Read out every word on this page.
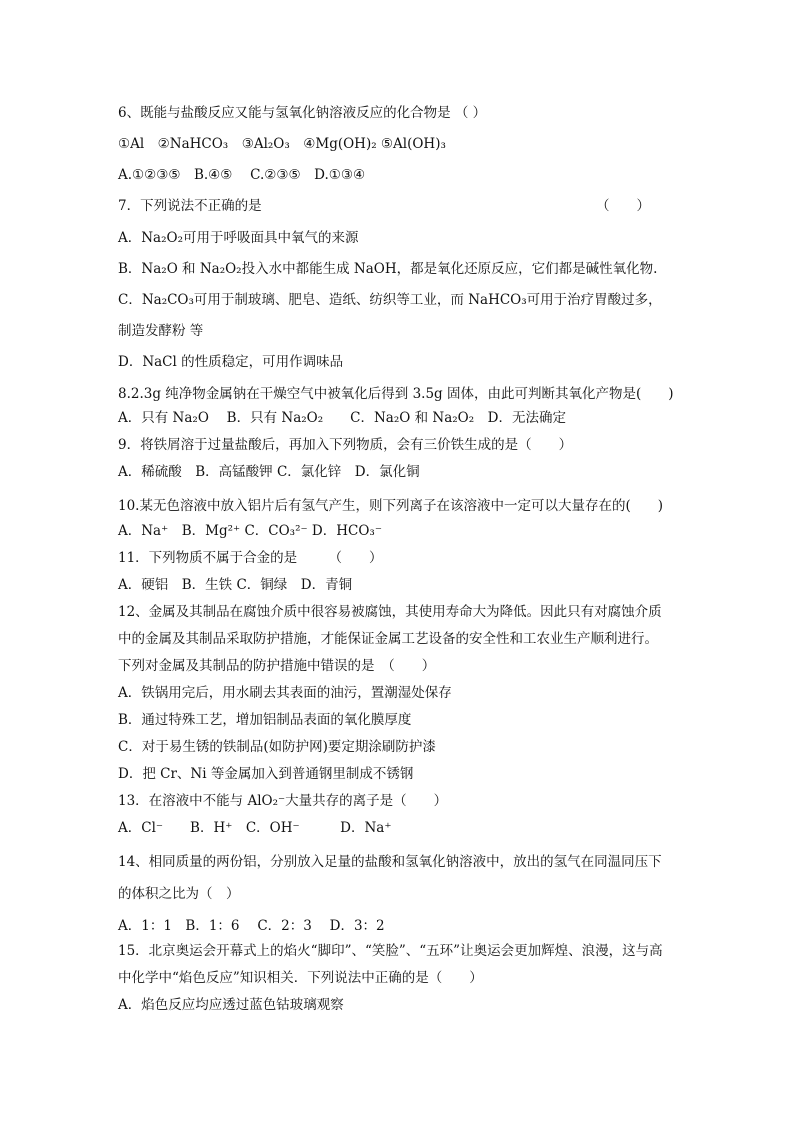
6、既能与盐酸反应又能与氢氧化钠溶液反应的化合物是 （ ）
①Al　②NaHCO₃　③Al₂O₃　④Mg(OH)₂ ⑤Al(OH)₃
A.①②③⑤　B.④⑤　 C.②③⑤　D.①③④
7．下列说法不正确的是	（　　）
A．Na₂O₂可用于呼吸面具中氧气的来源
B．Na₂O 和 Na₂O₂投入水中都能生成 NaOH，都是氧化还原反应，它们都是碱性氧化物.
C．Na₂CO₃可用于制玻璃、肥皂、造纸、纺织等工业，而 NaHCO₃可用于治疗胃酸过多，
制造发酵粉 等
D．NaCl 的性质稳定，可用作调味品
8.2.3g 纯净物金属钠在干燥空气中被氧化后得到 3.5g 固体，由此可判断其氧化产物是(　　)
A．只有 Na₂O　 B．只有 Na₂O₂　　C．Na₂O 和 Na₂O₂　D．无法确定
9．将铁屑溶于过量盐酸后，再加入下列物质，会有三价铁生成的是（　　）
A．稀硫酸　B．高锰酸钾 C．氯化锌　D．氯化铜
10.某无色溶液中放入铝片后有氢气产生，则下列离子在该溶液中一定可以大量存在的(　　)
A．Na⁺　B．Mg²⁺ C．CO₃²⁻ D．HCO₃⁻
11．下列物质不属于合金的是　　 （　　）
A．硬铝　B．生铁 C．铜绿　D．青铜
12、金属及其制品在腐蚀介质中很容易被腐蚀，其使用寿命大为降低。因此只有对腐蚀介质
中的金属及其制品采取防护措施，才能保证金属工艺设备的安全性和工农业生产顺利进行。
下列对金属及其制品的防护措施中错误的是　（　　）
A．铁锅用完后，用水刷去其表面的油污，置潮湿处保存
B．通过特殊工艺，增加铝制品表面的氧化膜厚度
C．对于易生锈的铁制品(如防护网)要定期涂刷防护漆
D．把 Cr、Ni 等金属加入到普通钢里制成不锈钢
13．在溶液中不能与 AlO₂⁻大量共存的离子是（　　）
A．Cl⁻　　B．H⁺　C．OH⁻　　　D．Na⁺
14、相同质量的两份铝，分别放入足量的盐酸和氢氧化钠溶液中，放出的氢气在同温同压下
的体积之比为（　）
A．1：1　B．1：6　 C．2：3　 D．3：2
15．北京奥运会开幕式上的焰火“脚印”、“笑脸”、“五环”让奥运会更加辉煌、浪漫，这与高
中化学中“焰色反应”知识相关．下列说法中正确的是（　　）
A．焰色反应均应透过蓝色钴玻璃观察
